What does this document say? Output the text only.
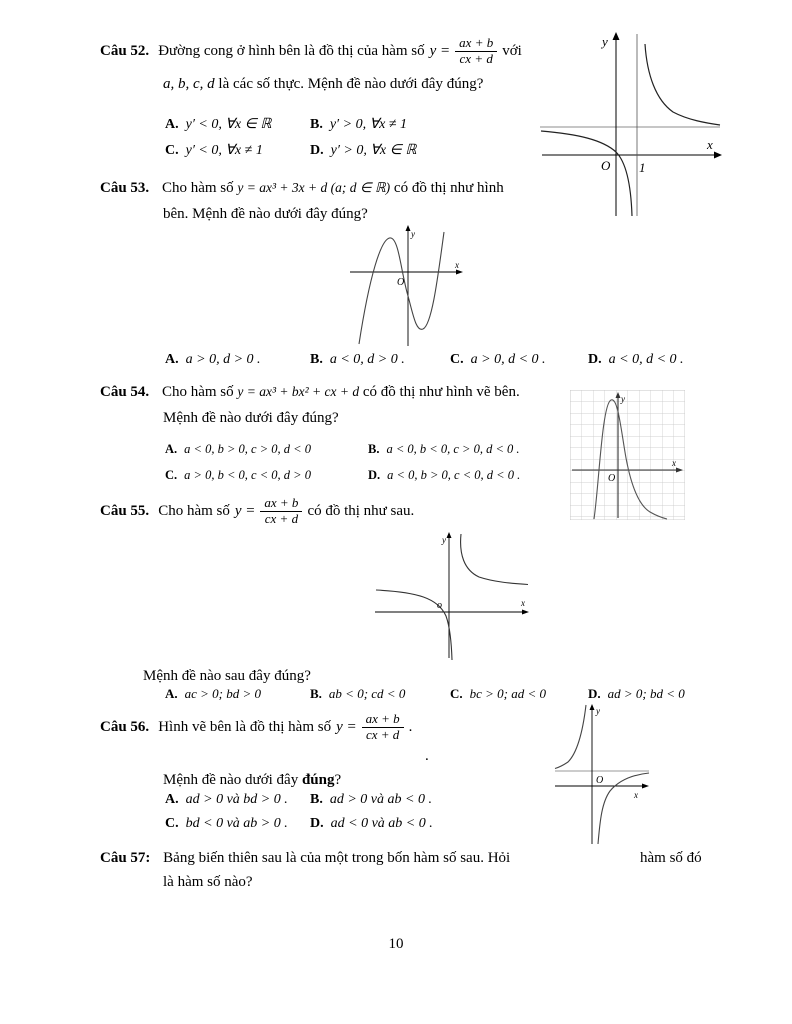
Câu 52. Đường cong ở hình bên là đồ thị của hàm số $y = \frac{ax + b}{cx + d}$ với
a, b, c, d là các số thực. Mệnh đề nào dưới đây đúng?
A. y′ < 0, ∀x ∈ ℝ	B. y′ > 0, ∀x ≠ 1
C. y′ < 0, ∀x ≠ 1	D. y′ > 0, ∀x ∈ ℝ
y
O 1
x
Câu 53. Cho hàm số y = ax³ + 3x + d (a; d ∈ ℝ) có đồ thị như hình
bên. Mệnh đề nào dưới đây đúng?
y
O
x
A. a > 0, d > 0 .	B. a < 0, d > 0 .	C. a > 0, d < 0 .	D. a < 0, d < 0 .
Câu 54. Cho hàm số y = ax³ + bx² + cx + d có đồ thị như hình vẽ bên.
Mệnh đề nào dưới đây đúng?
A. a < 0, b > 0, c > 0, d < 0	B. a < 0, b < 0, c > 0, d < 0 .
C. a > 0, b < 0, c < 0, d > 0	D. a < 0, b > 0, c < 0, d < 0 .
y
O
x
Câu 55. Cho hàm số $y = \frac{ax + b}{cx + d}$ có đồ thị như sau.
y
o	x
Mệnh đề nào sau đây đúng?
A. ac > 0; bd > 0	B. ab < 0; cd < 0	C. bc > 0; ad < 0	D. ad > 0; bd < 0
Câu 56. Hình vẽ bên là đồ thị hàm số $y = \frac{ax + b}{cx + d}$ .
.
Mệnh đề nào dưới đây đúng?
A. ad > 0 và bd > 0 . B. ad > 0 và ab < 0 .
C. bd < 0 và ab > 0 . D. ad < 0 và ab < 0 .
y
O
x
Câu 57: Bảng biến thiên sau là của một trong bốn hàm số sau. Hỏi	hàm số đó
là hàm số nào?
10
